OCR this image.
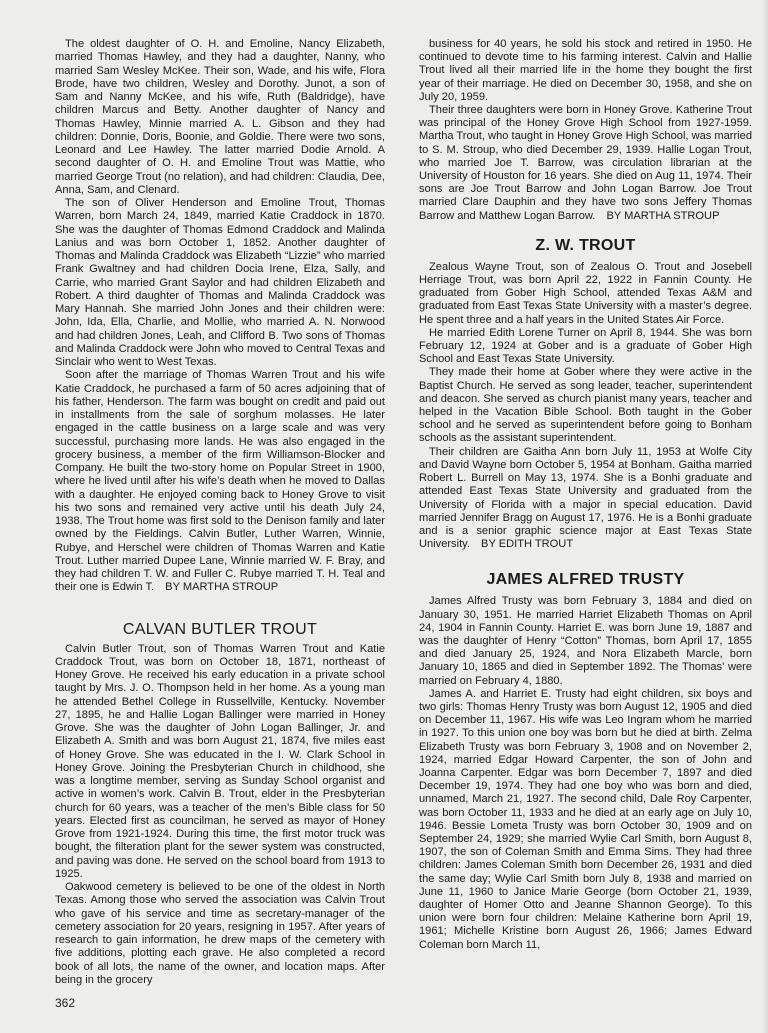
The oldest daughter of O. H. and Emoline, Nancy Elizabeth, married Thomas Hawley, and they had a daughter, Nanny, who married Sam Wesley McKee. Their son, Wade, and his wife, Flora Brode, have two children, Wesley and Dorothy. Junot, a son of Sam and Nanny McKee, and his wife, Ruth (Baldridge), have children Marcus and Betty. Another daughter of Nancy and Thomas Hawley, Minnie married A. L. Gibson and they had children: Donnie, Doris, Boonie, and Goldie. There were two sons, Leonard and Lee Hawley. The latter married Dodie Arnold. A second daughter of O. H. and Emoline Trout was Mattie, who married George Trout (no relation), and had children: Claudia, Dee, Anna, Sam, and Clenard.

The son of Oliver Henderson and Emoline Trout, Thomas Warren, born March 24, 1849, married Katie Craddock in 1870. She was the daughter of Thomas Edmond Craddock and Malinda Lanius and was born October 1, 1852. Another daughter of Thomas and Malinda Craddock was Elizabeth “Lizzie” who married Frank Gwaltney and had children Docia Irene, Elza, Sally, and Carrie, who married Grant Saylor and had children Elizabeth and Robert. A third daughter of Thomas and Malinda Craddock was Mary Hannah. She married John Jones and their children were: John, Ida, Ella, Charlie, and Mollie, who married A. N. Norwood and had children Jones, Leah, and Clifford B. Two sons of Thomas and Malinda Craddock were John who moved to Central Texas and Sinclair who went to West Texas.

Soon after the marriage of Thomas Warren Trout and his wife Katie Craddock, he purchased a farm of 50 acres adjoining that of his father, Henderson. The farm was bought on credit and paid out in installments from the sale of sorghum molasses. He later engaged in the cattle business on a large scale and was very successful, purchasing more lands. He was also engaged in the grocery business, a member of the firm Williamson-Blocker and Company. He built the two-story home on Popular Street in 1900, where he lived until after his wife’s death when he moved to Dallas with a daughter. He enjoyed coming back to Honey Grove to visit his two sons and remained very active until his death July 24, 1938. The Trout home was first sold to the Denison family and later owned by the Fieldings. Calvin Butler, Luther Warren, Winnie, Rubye, and Herschel were children of Thomas Warren and Katie Trout. Luther married Dupee Lane, Winnie married W. F. Bray, and they had children T. W. and Fuller C. Rubye married T. H. Teal and their one is Edwin T. BY MARTHA STROUP

CALVAN BUTLER TROUT

Calvin Butler Trout, son of Thomas Warren Trout and Katie Craddock Trout, was born on October 18, 1871, northeast of Honey Grove. He received his early education in a private school taught by Mrs. J. O. Thompson held in her home. As a young man he attended Bethel College in Russellville, Kentucky. November 27, 1895, he and Hallie Logan Ballinger were married in Honey Grove. She was the daughter of John Logan Ballinger, Jr. and Elizabeth A. Smith and was born August 21, 1874, five miles east of Honey Grove. She was educated in the I. W. Clark School in Honey Grove. Joining the Presbyterian Church in childhood, she was a longtime member, serving as Sunday School organist and active in women’s work. Calvin B. Trout, elder in the Presbyterian church for 60 years, was a teacher of the men’s Bible class for 50 years. Elected first as councilman, he served as mayor of Honey Grove from 1921-1924. During this time, the first motor truck was bought, the filteration plant for the sewer system was constructed, and paving was done. He served on the school board from 1913 to 1925.

Oakwood cemetery is believed to be one of the oldest in North Texas. Among those who served the association was Calvin Trout who gave of his service and time as secretary-manager of the cemetery association for 20 years, resigning in 1957. After years of research to gain information, he drew maps of the cemetery with five additions, plotting each grave. He also completed a record book of all lots, the name of the owner, and location maps. After being in the grocery

business for 40 years, he sold his stock and retired in 1950. He continued to devote time to his farming interest. Calvin and Hallie Trout lived all their married life in the home they bought the first year of their marriage. He died on December 30, 1958, and she on July 20, 1959.

Their three daughters were born in Honey Grove. Katherine Trout was principal of the Honey Grove High School from 1927-1959. Martha Trout, who taught in Honey Grove High School, was married to S. M. Stroup, who died December 29, 1939. Hallie Logan Trout, who married Joe T. Barrow, was circulation librarian at the University of Houston for 16 years. She died on Aug 11, 1974. Their sons are Joe Trout Barrow and John Logan Barrow. Joe Trout married Clare Dauphin and they have two sons Jeffery Thomas Barrow and Matthew Logan Barrow. BY MARTHA STROUP

Z. W. TROUT

Zealous Wayne Trout, son of Zealous O. Trout and Josebell Herriage Trout, was born April 22, 1922 in Fannin County. He graduated from Gober High School, attended Texas A&M and graduated from East Texas State University with a master’s degree. He spent three and a half years in the United States Air Force.

He married Edith Lorene Turner on April 8, 1944. She was born February 12, 1924 at Gober and is a graduate of Gober High School and East Texas State University.

They made their home at Gober where they were active in the Baptist Church. He served as song leader, teacher, superintendent and deacon. She served as church pianist many years, teacher and helped in the Vacation Bible School. Both taught in the Gober school and he served as superintendent before going to Bonham schools as the assistant superintendent.

Their children are Gaitha Ann born July 11, 1953 at Wolfe City and David Wayne born October 5, 1954 at Bonham. Gaitha married Robert L. Burrell on May 13, 1974. She is a Bonhi graduate and attended East Texas State University and graduated from the University of Florida with a major in special education. David married Jennifer Bragg on August 17, 1976. He is a Bonhi graduate and is a senior graphic science major at East Texas State University. BY EDITH TROUT

JAMES ALFRED TRUSTY

James Alfred Trusty was born February 3, 1884 and died on January 30, 1951. He married Harriet Elizabeth Thomas on April 24, 1904 in Fannin County. Harriet E. was born June 19, 1887 and was the daughter of Henry “Cotton” Thomas, born April 17, 1855 and died January 25, 1924, and Nora Elizabeth Marcle, born January 10, 1865 and died in September 1892. The Thomas’ were married on February 4, 1880.

James A. and Harriet E. Trusty had eight children, six boys and two girls: Thomas Henry Trusty was born August 12, 1905 and died on December 11, 1967. His wife was Leo Ingram whom he married in 1927. To this union one boy was born but he died at birth. Zelma Elizabeth Trusty was born February 3, 1908 and on November 2, 1924, married Edgar Howard Carpenter, the son of John and Joanna Carpenter. Edgar was born December 7, 1897 and died December 19, 1974. They had one boy who was born and died, unnamed, March 21, 1927. The second child, Dale Roy Carpenter, was born October 11, 1933 and he died at an early age on July 10, 1946. Bessie Lometa Trusty was born October 30, 1909 and on September 24, 1929; she married Wylie Carl Smith, born August 8, 1907, the son of Coleman Smith and Emma Sims. They had three children: James Coleman Smith born December 26, 1931 and died the same day; Wylie Carl Smith born July 8, 1938 and married on June 11, 1960 to Janice Marie George (born October 21, 1939, daughter of Homer Otto and Jeanne Shannon George). To this union were born four children: Melaine Katherine born April 19, 1961; Michelle Kristine born August 26, 1966; James Edward Coleman born March 11,

362
